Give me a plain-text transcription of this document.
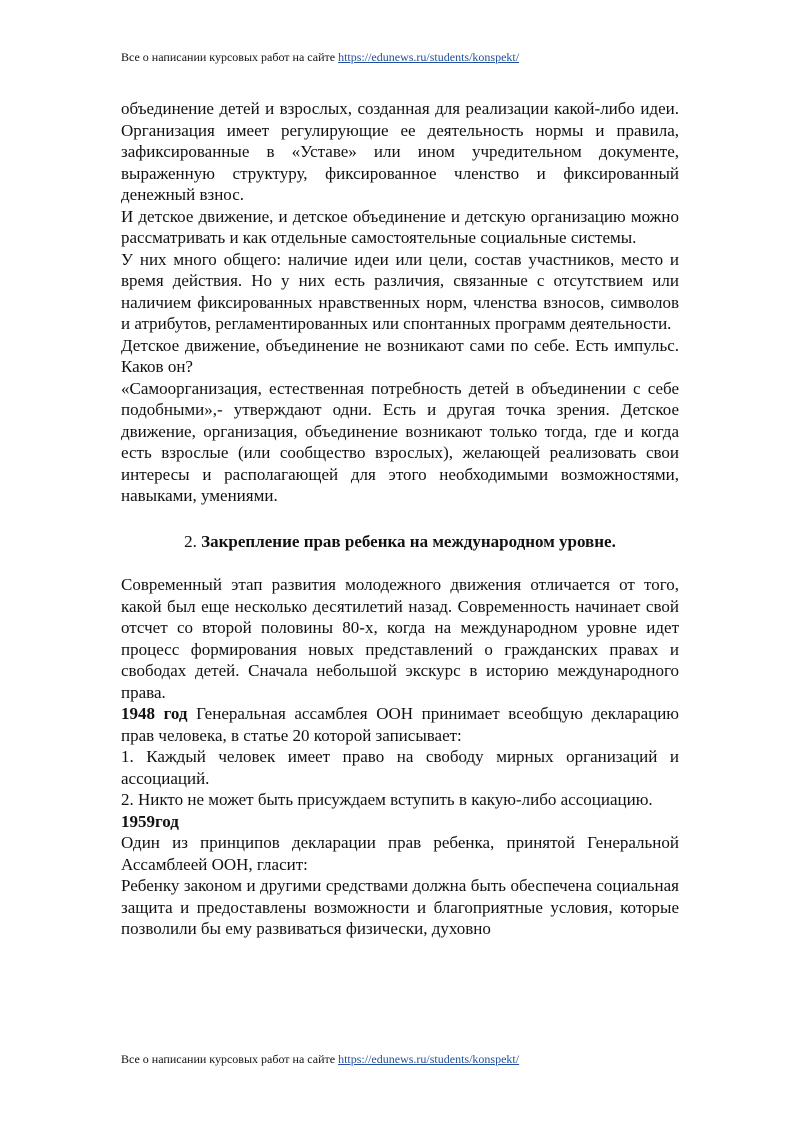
Все о написании курсовых работ на сайте https://edunews.ru/students/konspekt/

объединение детей и взрослых, созданная для реализации какой-либо идеи. Организация имеет регулирующие ее деятельность нормы и правила, зафиксированные в «Уставе» или ином учредительном документе, выраженную структуру, фиксированное членство и фиксированный денежный взнос.

И детское движение, и детское объединение и детскую организацию можно рассматривать и как отдельные самостоятельные социальные системы.

У них много общего: наличие идеи или цели, состав участников, место и время действия. Но у них есть различия, связанные с отсутствием или наличием фиксированных нравственных норм, членства взносов, символов и атрибутов, регламентированных или спонтанных программ деятельности.

Детское движение, объединение не возникают сами по себе. Есть импульс. Каков он?

«Самоорганизация, естественная потребность детей в объединении с себе подобными»,- утверждают одни. Есть и другая точка зрения. Детское движение, организация, объединение возникают только тогда, где и когда есть взрослые (или сообщество взрослых), желающей реализовать свои интересы и располагающей для этого необходимыми возможностями, навыками, умениями.

2. Закрепление прав ребенка на международном уровне.

Современный этап развития молодежного движения отличается от того, какой был еще несколько десятилетий назад. Современность начинает свой отсчет со второй половины 80-х, когда на международном уровне идет процесс формирования новых представлений о гражданских правах и свободах детей. Сначала небольшой экскурс в историю международного права.

1948 год Генеральная ассамблея ООН принимает всеобщую декларацию прав человека, в статье 20 которой записывает:

1. Каждый человек имеет право на свободу мирных организаций и ассоциаций.

2. Никто не может быть присуждаем вступить в какую-либо ассоциацию.

1959год

Один из принципов декларации прав ребенка, принятой Генеральной Ассамблеей ООН, гласит:

Ребенку законом и другими средствами должна быть обеспечена социальная защита и предоставлены возможности и благоприятные условия, которые позволили бы ему развиваться физически, духовно

Все о написании курсовых работ на сайте https://edunews.ru/students/konspekt/
